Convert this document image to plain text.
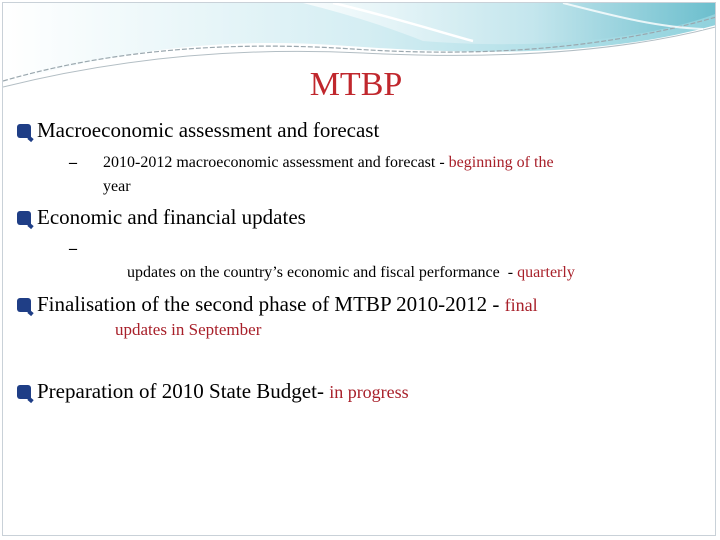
MTBP
Macroeconomic assessment and forecast
–	2010-2012 macroeconomic assessment and forecast - beginning of the
year
Economic and financial updates
–

updates on the country’s economic and fiscal performance  - quarterly

Finalisation of the second phase of MTBP 2010-2012 - final
updates in September
Preparation of 2010 State Budget- in progress
